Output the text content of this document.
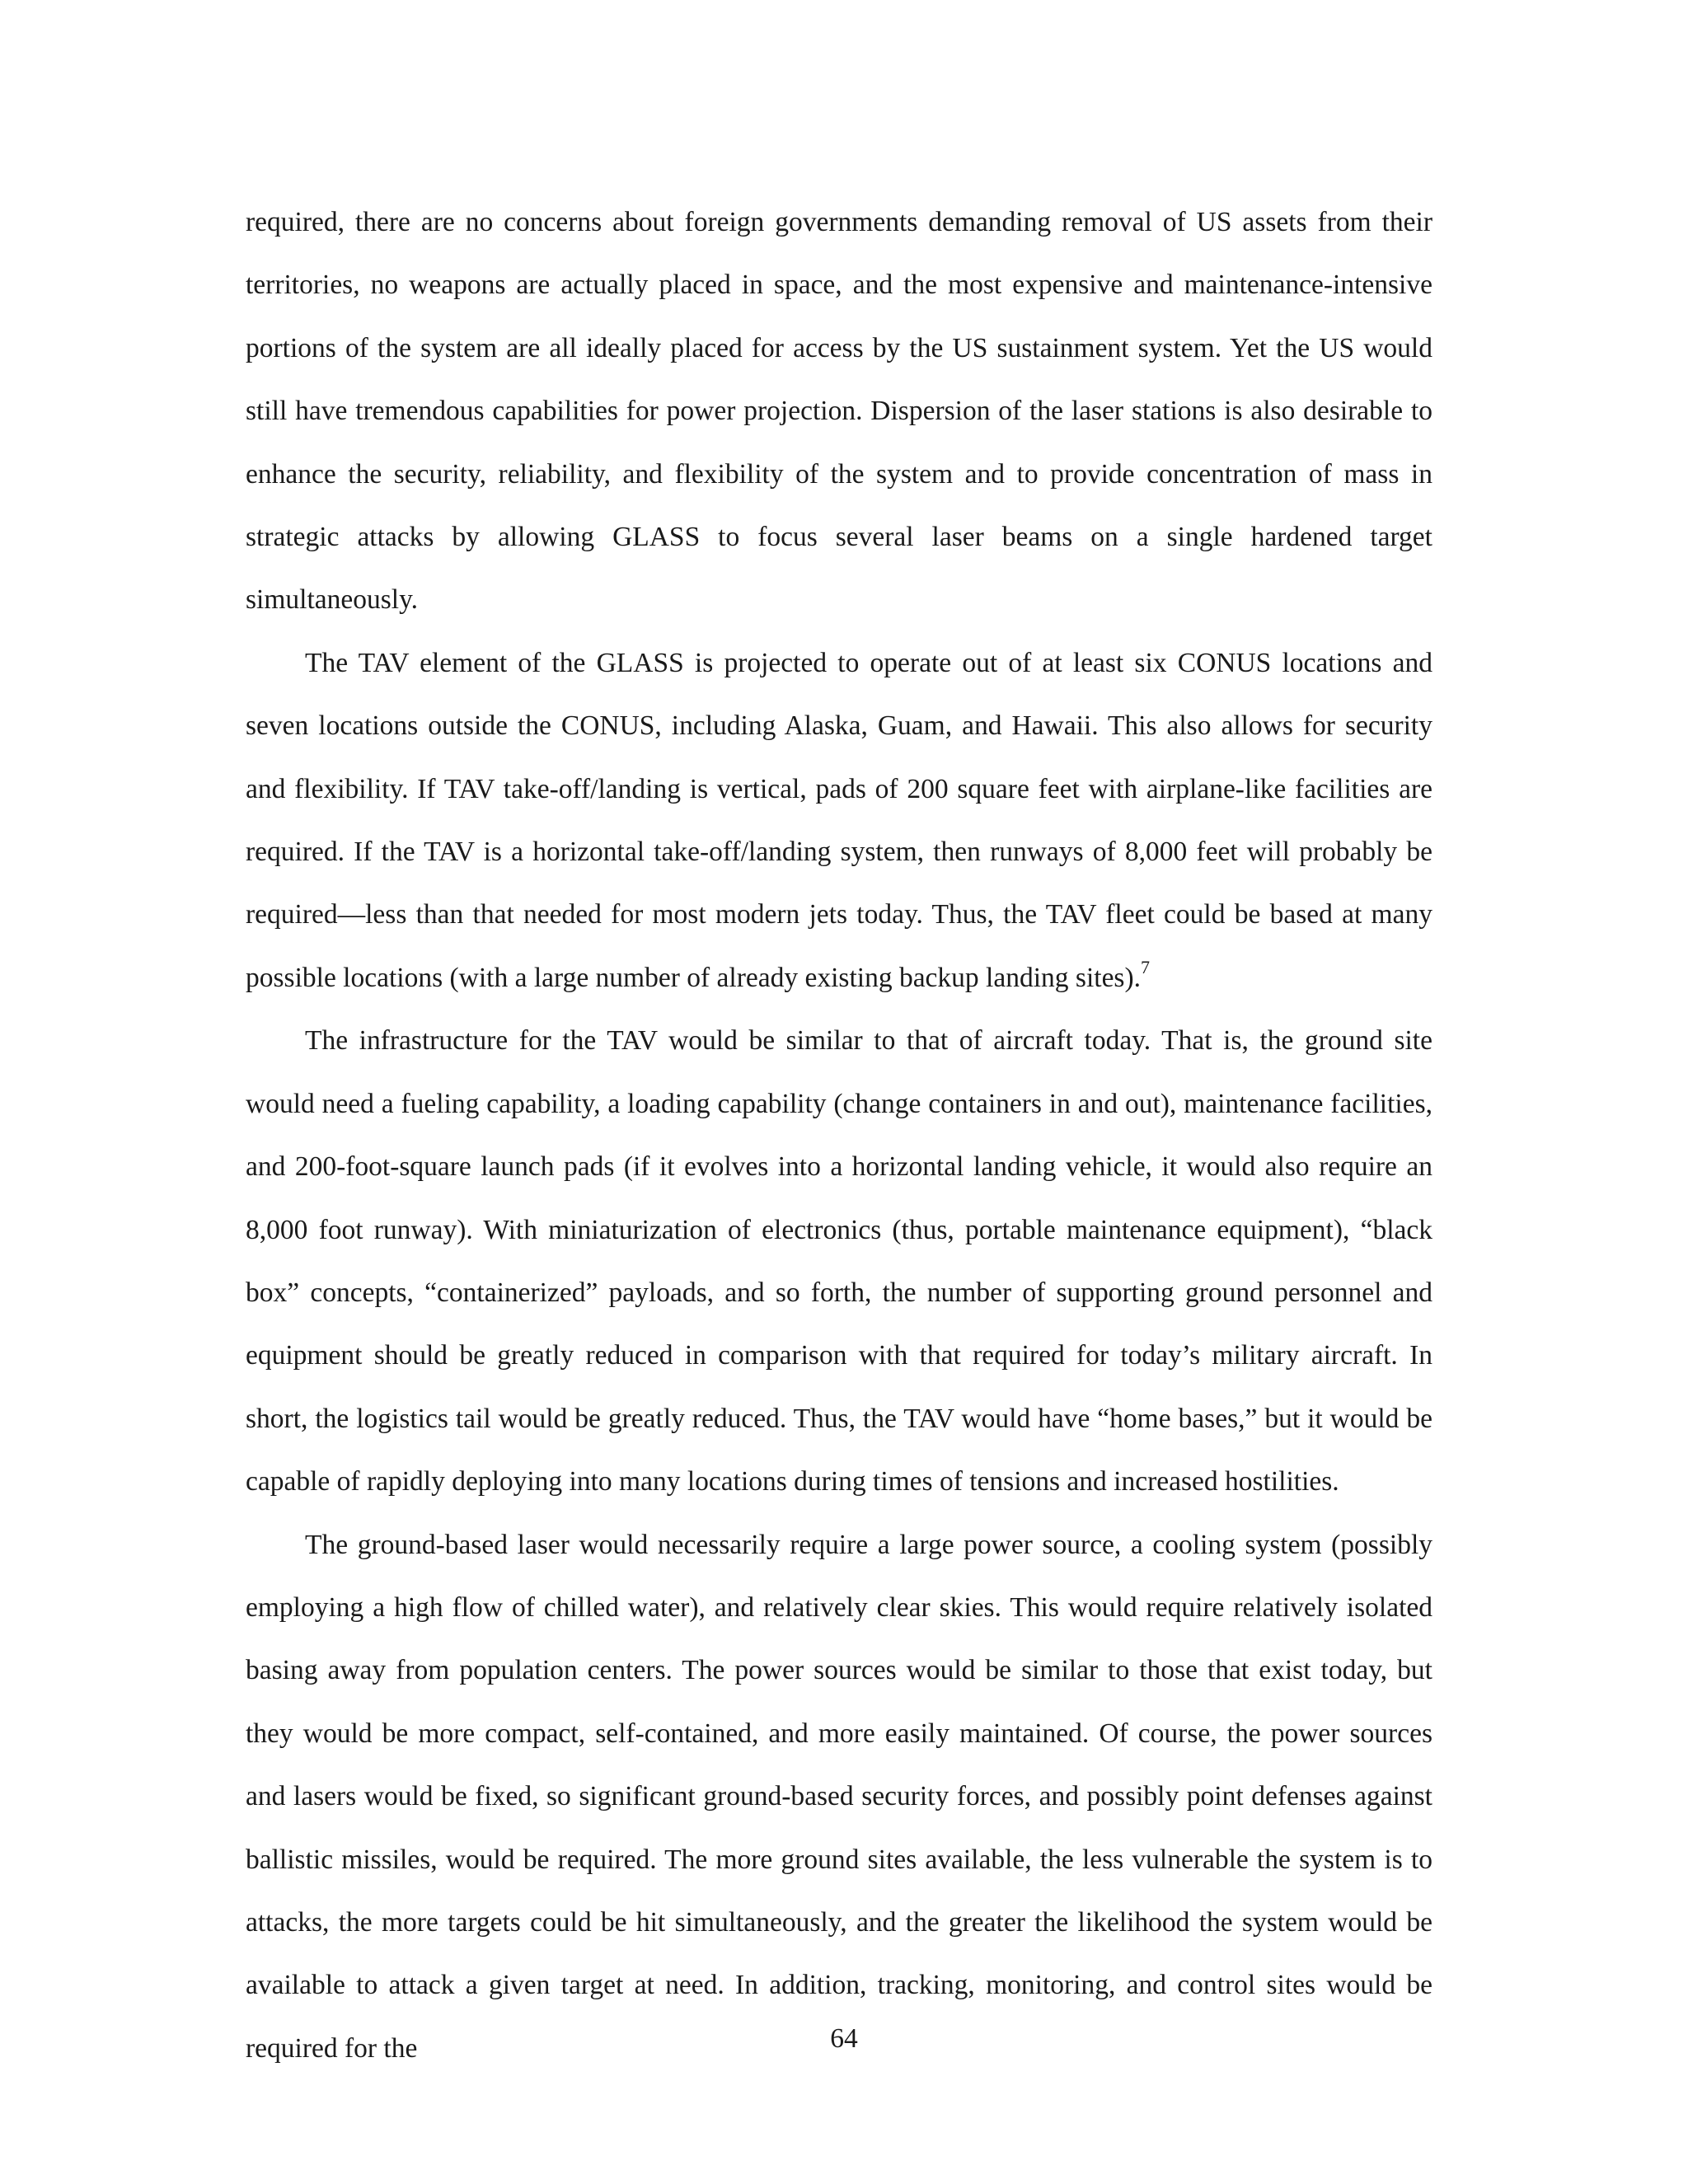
required, there are no concerns about foreign governments demanding removal of US assets from their territories, no weapons are actually placed in space, and the most expensive and maintenance-intensive portions of the system are all ideally placed for access by the US sustainment system. Yet the US would still have tremendous capabilities for power projection. Dispersion of the laser stations is also desirable to enhance the security, reliability, and flexibility of the system and to provide concentration of mass in strategic attacks by allowing GLASS to focus several laser beams on a single hardened target simultaneously.

The TAV element of the GLASS is projected to operate out of at least six CONUS locations and seven locations outside the CONUS, including Alaska, Guam, and Hawaii. This also allows for security and flexibility. If TAV take-off/landing is vertical, pads of 200 square feet with airplane-like facilities are required. If the TAV is a horizontal take-off/landing system, then runways of 8,000 feet will probably be required—less than that needed for most modern jets today. Thus, the TAV fleet could be based at many possible locations (with a large number of already existing backup landing sites).$^7$

The infrastructure for the TAV would be similar to that of aircraft today. That is, the ground site would need a fueling capability, a loading capability (change containers in and out), maintenance facilities, and 200-foot-square launch pads (if it evolves into a horizontal landing vehicle, it would also require an 8,000 foot runway). With miniaturization of electronics (thus, portable maintenance equipment), “black box” concepts, “containerized” payloads, and so forth, the number of supporting ground personnel and equipment should be greatly reduced in comparison with that required for today’s military aircraft. In short, the logistics tail would be greatly reduced. Thus, the TAV would have “home bases,” but it would be capable of rapidly deploying into many locations during times of tensions and increased hostilities.

The ground-based laser would necessarily require a large power source, a cooling system (possibly employing a high flow of chilled water), and relatively clear skies. This would require relatively isolated basing away from population centers. The power sources would be similar to those that exist today, but they would be more compact, self-contained, and more easily maintained. Of course, the power sources and lasers would be fixed, so significant ground-based security forces, and possibly point defenses against ballistic missiles, would be required. The more ground sites available, the less vulnerable the system is to attacks, the more targets could be hit simultaneously, and the greater the likelihood the system would be available to attack a given target at need. In addition, tracking, monitoring, and control sites would be required for the	64
